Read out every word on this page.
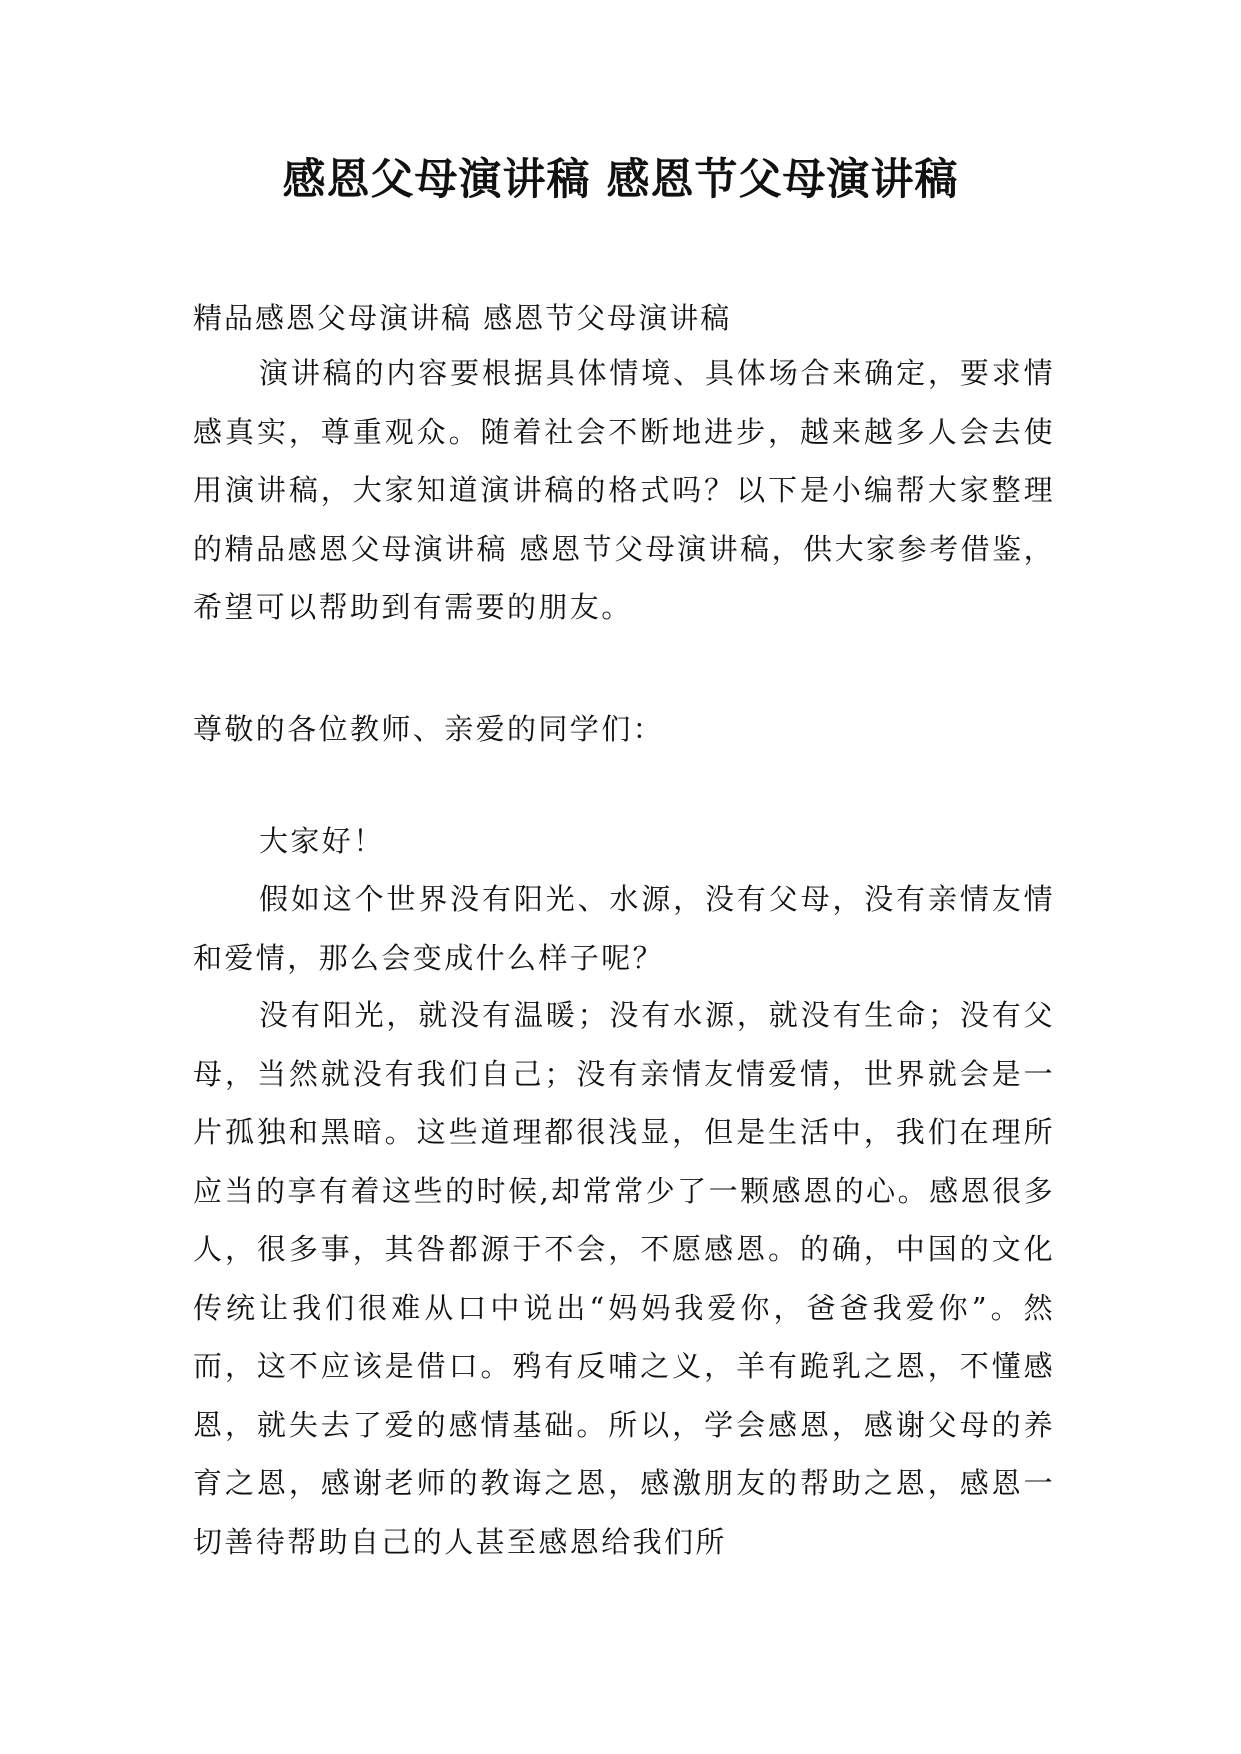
感恩父母演讲稿 感恩节父母演讲稿
精品感恩父母演讲稿 感恩节父母演讲稿
演讲稿的内容要根据具体情境、具体场合来确定，要求情感真实，尊重观众。随着社会不断地进步，越来越多人会去使用演讲稿，大家知道演讲稿的格式吗？以下是小编帮大家整理的精品感恩父母演讲稿 感恩节父母演讲稿，供大家参考借鉴，希望可以帮助到有需要的朋友。
尊敬的各位教师、亲爱的同学们：
大家好！
假如这个世界没有阳光、水源，没有父母，没有亲情友情和爱情，那么会变成什么样子呢？
没有阳光，就没有温暖；没有水源，就没有生命；没有父母，当然就没有我们自己；没有亲情友情爱情，世界就会是一片孤独和黑暗。这些道理都很浅显，但是生活中，我们在理所应当的享有着这些的时候,却常常少了一颗感恩的心。感恩很多人，很多事，其咎都源于不会，不愿感恩。的确，中国的文化传统让我们很难从口中说出“妈妈我爱你，爸爸我爱你”。然而，这不应该是借口。鸦有反哺之义，羊有跪乳之恩，不懂感恩，就失去了爱的感情基础。所以，学会感恩，感谢父母的养育之恩，感谢老师的教诲之恩，感激朋友的帮助之恩，感恩一切善待帮助自己的人甚至感恩给我们所
